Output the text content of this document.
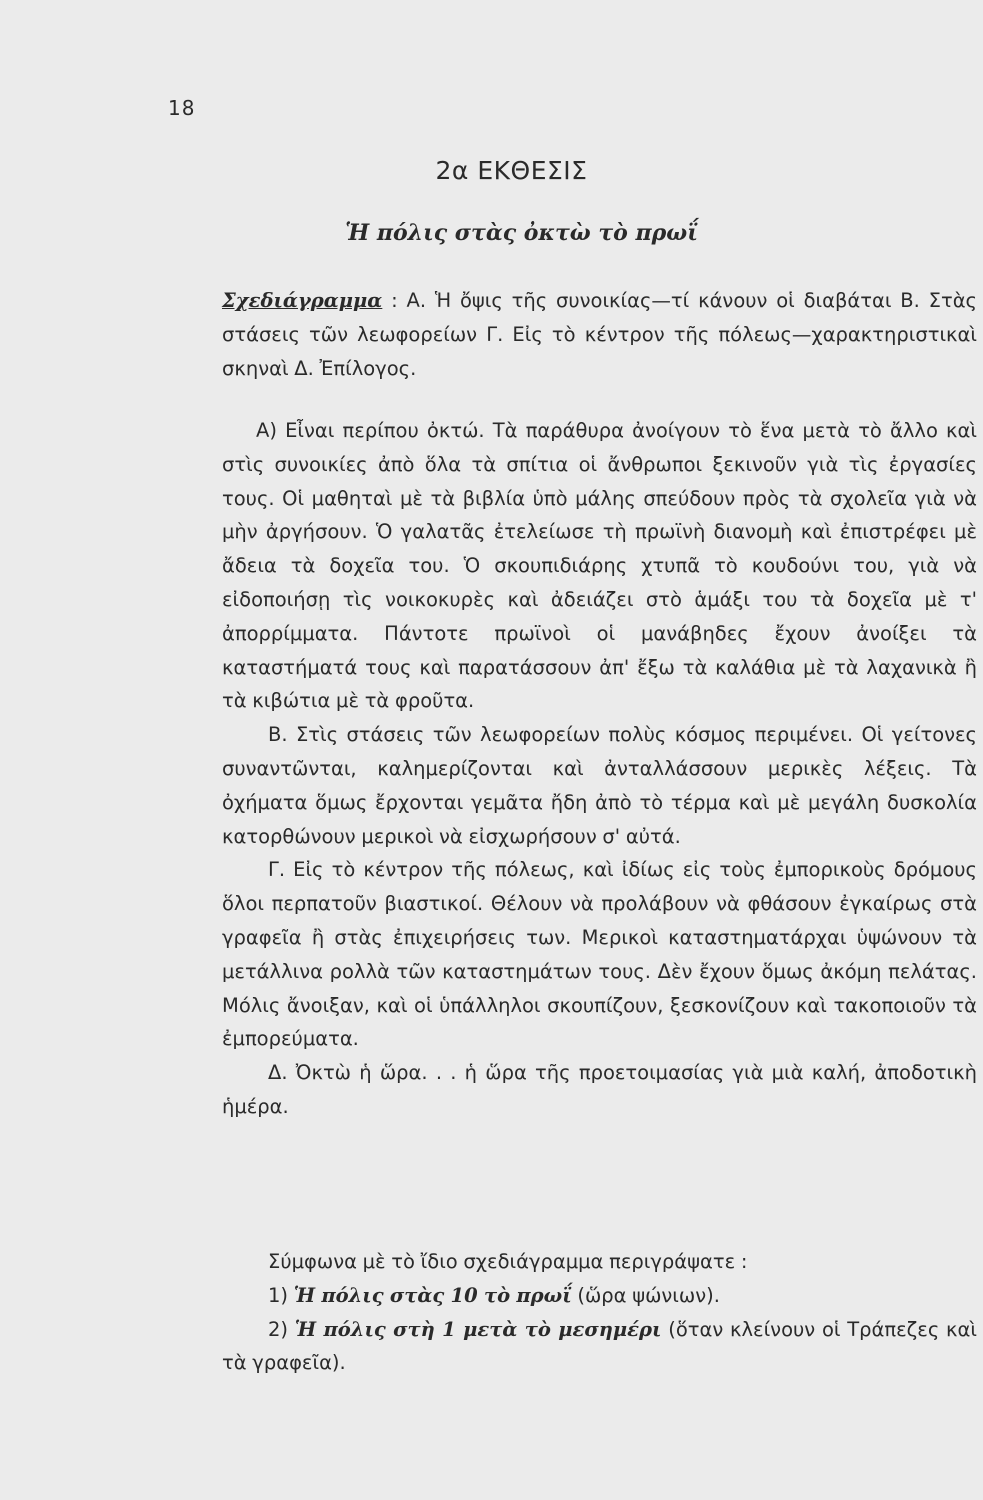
18
2α ΕΚΘΕΣΙΣ
Ἡ πόλις στὰς ὀκτὼ τὸ πρωΐ

Σχεδιάγραμμα : Α. Ἡ ὄψις τῆς συνοικίας—τί κάνουν οἱ διαβάται Β. Στὰς στάσεις τῶν λεωφορείων Γ. Εἰς τὸ κέντρον τῆς πόλεως—χαρακτηριστικαὶ σκηναὶ Δ. Ἐπίλογος.

Α) Εἶναι περίπου ὀκτώ. Τὰ παράθυρα ἀνοίγουν τὸ ἕνα μετὰ τὸ ἄλλο καὶ στὶς συνοικίες ἀπὸ ὅλα τὰ σπίτια οἱ ἄνθρωποι ξεκινοῦν γιὰ τὶς ἐργασίες τους. Οἱ μαθηταὶ μὲ τὰ βιβλία ὑπὸ μάλης σπεύδουν πρὸς τὰ σχολεῖα γιὰ νὰ μὴν ἀργήσουν. Ὁ γαλατᾶς ἐτελείωσε τὴ πρωϊνὴ διανομὴ καὶ ἐπιστρέφει μὲ ἄδεια τὰ δοχεῖα του. Ὁ σκουπιδιάρης χτυπᾶ τὸ κουδούνι του, γιὰ νὰ εἰδοποιήσῃ τὶς νοικοκυρὲς καὶ ἀδειάζει στὸ ἁμάξι του τὰ δοχεῖα μὲ τ' ἀπορρίμματα. Πάντοτε πρωϊνοὶ οἱ μανάβηδες ἔχουν ἀνοίξει τὰ καταστήματά τους καὶ παρατάσσουν ἀπ' ἔξω τὰ καλάθια μὲ τὰ λαχανικὰ ἢ τὰ κιβώτια μὲ τὰ φροῦτα.

Β. Στὶς στάσεις τῶν λεωφορείων πολὺς κόσμος περιμένει. Οἱ γείτονες συναντῶνται, καλημερίζονται καὶ ἀνταλλάσσουν μερικὲς λέξεις. Τὰ ὀχήματα ὅμως ἔρχονται γεμᾶτα ἤδη ἀπὸ τὸ τέρμα καὶ μὲ μεγάλη δυσκολία κατορθώνουν μερικοὶ νὰ εἰσχωρήσουν σ' αὐτά.

Γ. Εἰς τὸ κέντρον τῆς πόλεως, καὶ ἰδίως εἰς τοὺς ἐμπορικοὺς δρόμους ὅλοι περπατοῦν βιαστικοί. Θέλουν νὰ προλάβουν νὰ φθάσουν ἐγκαίρως στὰ γραφεῖα ἢ στὰς ἐπιχειρήσεις των. Μερικοὶ καταστηματάρχαι ὑψώνουν τὰ μετάλλινα ρολλὰ τῶν καταστημάτων τους. Δὲν ἔχουν ὅμως ἀκόμη πελάτας. Μόλις ἄνοιξαν, καὶ οἱ ὑπάλληλοι σκουπίζουν, ξεσκονίζουν καὶ τακοποιοῦν τὰ ἐμπορεύματα.

Δ. Ὀκτὼ ἡ ὥρα. . . ἡ ὥρα τῆς προετοιμασίας γιὰ μιὰ καλή, ἀποδοτικὴ ἡμέρα.

Σύμφωνα μὲ τὸ ἴδιο σχεδιάγραμμα περιγράψατε :

1) Ἡ πόλις στὰς 10 τὸ πρωΐ (ὥρα ψώνιων).

2) Ἡ πόλις στὴ 1 μετὰ τὸ μεσημέρι (ὅταν κλείνουν οἱ Τράπεζες καὶ τὰ γραφεῖα).
